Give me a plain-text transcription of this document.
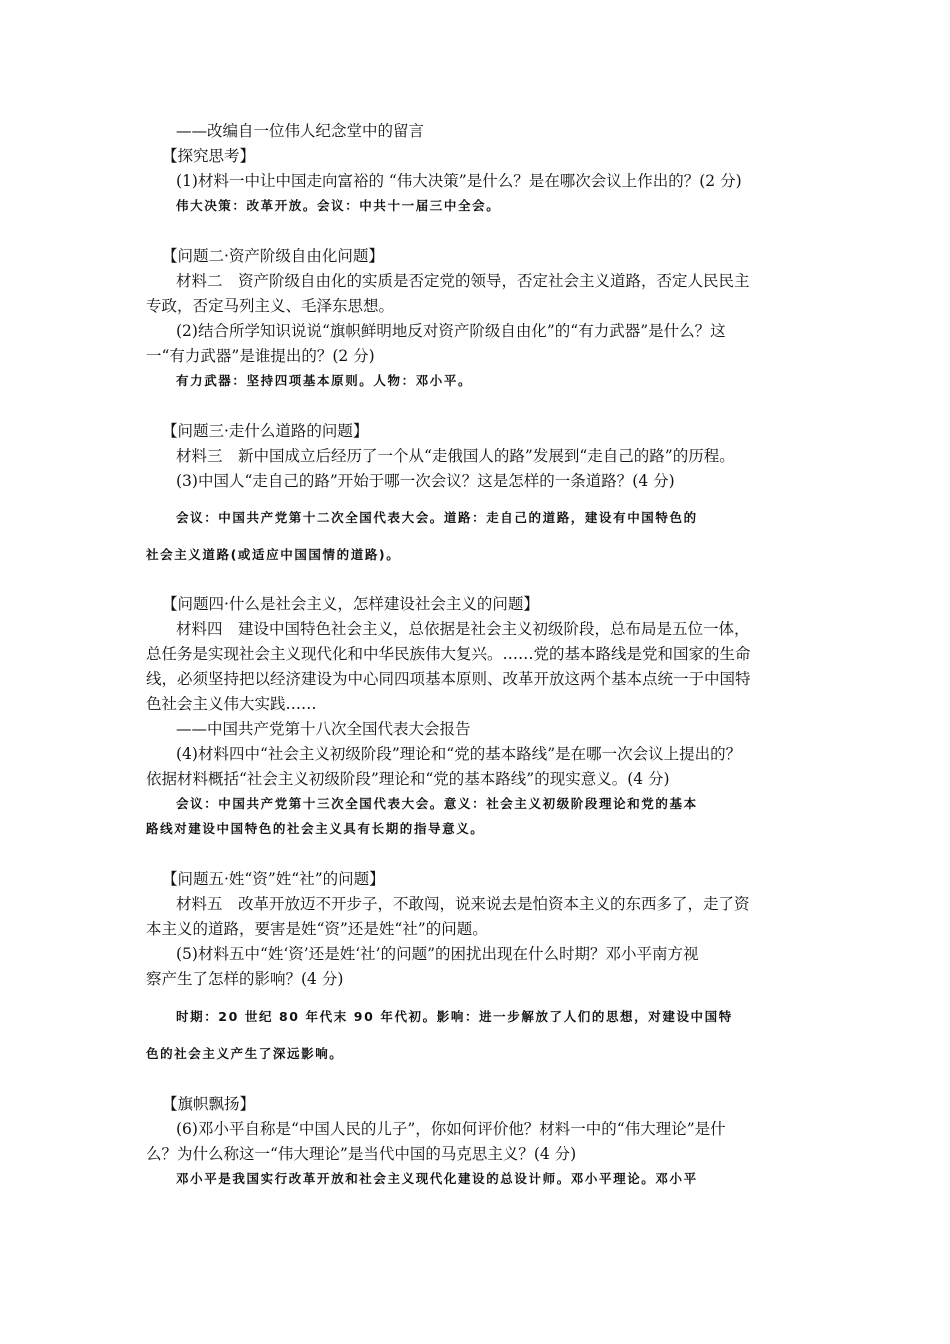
——改编自一位伟人纪念堂中的留言
【探究思考】
(1)材料一中让中国走向富裕的 “伟大决策”是什么？是在哪次会议上作出的？(2 分)
伟大决策：改革开放。会议：中共十一届三中全会。
【问题二·资产阶级自由化问题】
材料二　资产阶级自由化的实质是否定党的领导，否定社会主义道路，否定人民民主
专政，否定马列主义、毛泽东思想。
(2)结合所学知识说说“旗帜鲜明地反对资产阶级自由化”的“有力武器”是什么？这
一“有力武器”是谁提出的？(2 分)
有力武器：坚持四项基本原则。人物：邓小平。
【问题三·走什么道路的问题】
材料三　新中国成立后经历了一个从“走俄国人的路”发展到“走自己的路”的历程。
(3)中国人“走自己的路”开始于哪一次会议？这是怎样的一条道路？(4 分)
会议：中国共产党第十二次全国代表大会。道路：走自己的道路，建设有中国特色的
社会主义道路(或适应中国国情的道路)。
【问题四·什么是社会主义，怎样建设社会主义的问题】
材料四　建设中国特色社会主义，总依据是社会主义初级阶段，总布局是五位一体，
总任务是实现社会主义现代化和中华民族伟大复兴。……党的基本路线是党和国家的生命
线，必须坚持把以经济建设为中心同四项基本原则、改革开放这两个基本点统一于中国特
色社会主义伟大实践……
——中国共产党第十八次全国代表大会报告
(4)材料四中“社会主义初级阶段”理论和“党的基本路线”是在哪一次会议上提出的？
依据材料概括“社会主义初级阶段”理论和“党的基本路线”的现实意义。(4 分)
会议：中国共产党第十三次全国代表大会。意义：社会主义初级阶段理论和党的基本
路线对建设中国特色的社会主义具有长期的指导意义。
【问题五·姓“资”姓“社”的问题】
材料五　改革开放迈不开步子，不敢闯，说来说去是怕资本主义的东西多了，走了资
本主义的道路，要害是姓“资”还是姓“社”的问题。
(5)材料五中“姓‘资’还是姓‘社’的问题”的困扰出现在什么时期？邓小平南方视
察产生了怎样的影响？(4 分)
时期：20 世纪 80 年代末 90 年代初。影响：进一步解放了人们的思想，对建设中国特
色的社会主义产生了深远影响。
【旗帜飘扬】
(6)邓小平自称是“中国人民的儿子”，你如何评价他？材料一中的“伟大理论”是什
么？为什么称这一“伟大理论”是当代中国的马克思主义？(4 分)
邓小平是我国实行改革开放和社会主义现代化建设的总设计师。邓小平理论。邓小平
